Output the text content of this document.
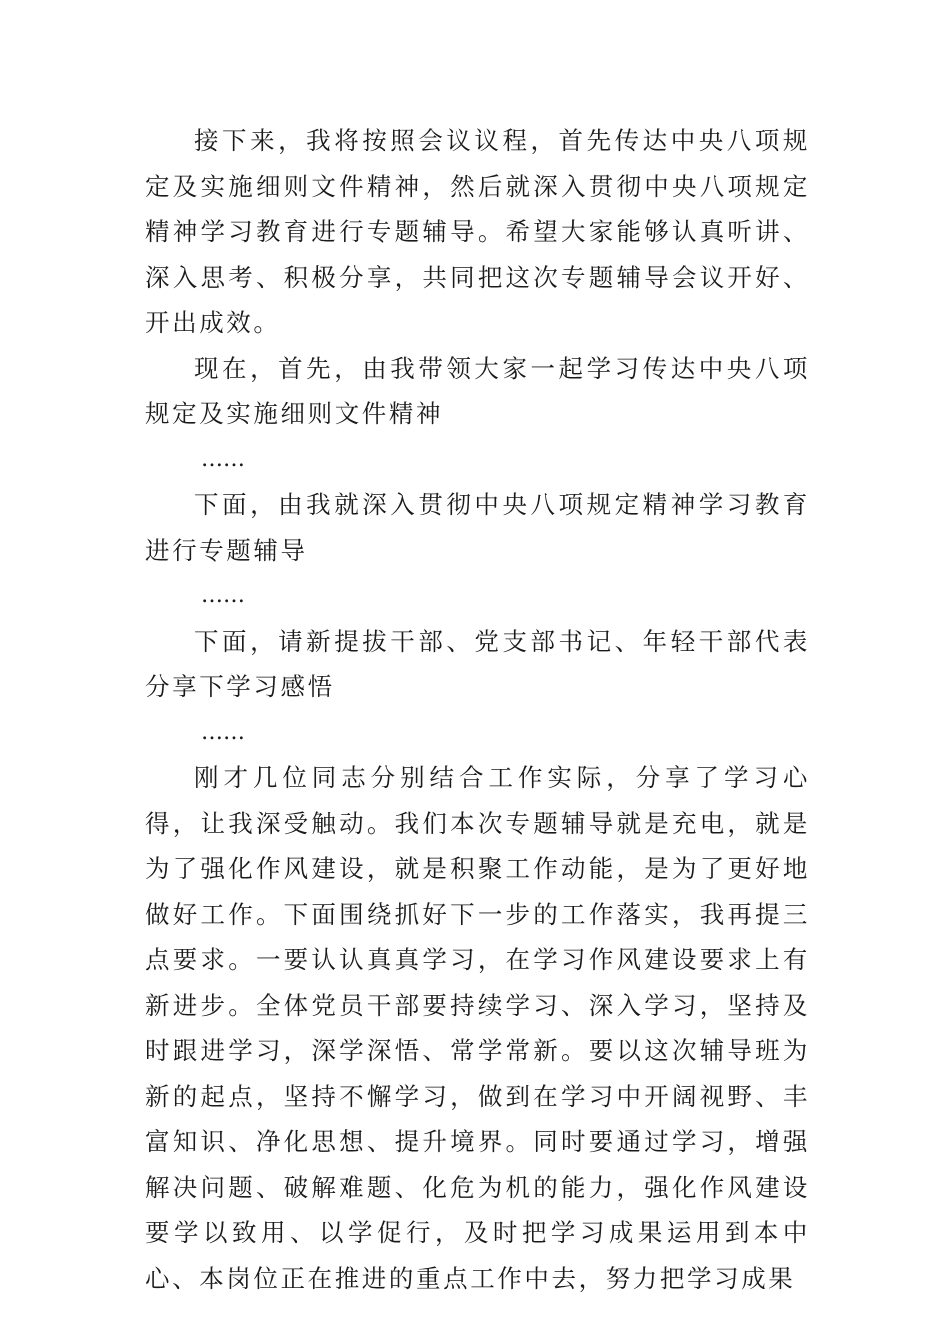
接下来，我将按照会议议程，首先传达中央八项规定及实施细则文件精神，然后就深入贯彻中央八项规定精神学习教育进行专题辅导。希望大家能够认真听讲、深入思考、积极分享，共同把这次专题辅导会议开好、开出成效。

现在，首先，由我带领大家一起学习传达中央八项规定及实施细则文件精神

……

下面，由我就深入贯彻中央八项规定精神学习教育进行专题辅导

……

下面，请新提拔干部、党支部书记、年轻干部代表分享下学习感悟

……

刚才几位同志分别结合工作实际，分享了学习心得，让我深受触动。我们本次专题辅导就是充电，就是为了强化作风建设，就是积聚工作动能，是为了更好地做好工作。下面围绕抓好下一步的工作落实，我再提三点要求。一要认认真真学习，在学习作风建设要求上有新进步。全体党员干部要持续学习、深入学习，坚持及时跟进学习，深学深悟、常学常新。要以这次辅导班为新的起点，坚持不懈学习，做到在学习中开阔视野、丰富知识、净化思想、提升境界。同时要通过学习，增强解决问题、破解难题、化危为机的能力，强化作风建设要学以致用、以学促行，及时把学习成果运用到本中心、本岗位正在推进的重点工作中去，努力把学习成果
